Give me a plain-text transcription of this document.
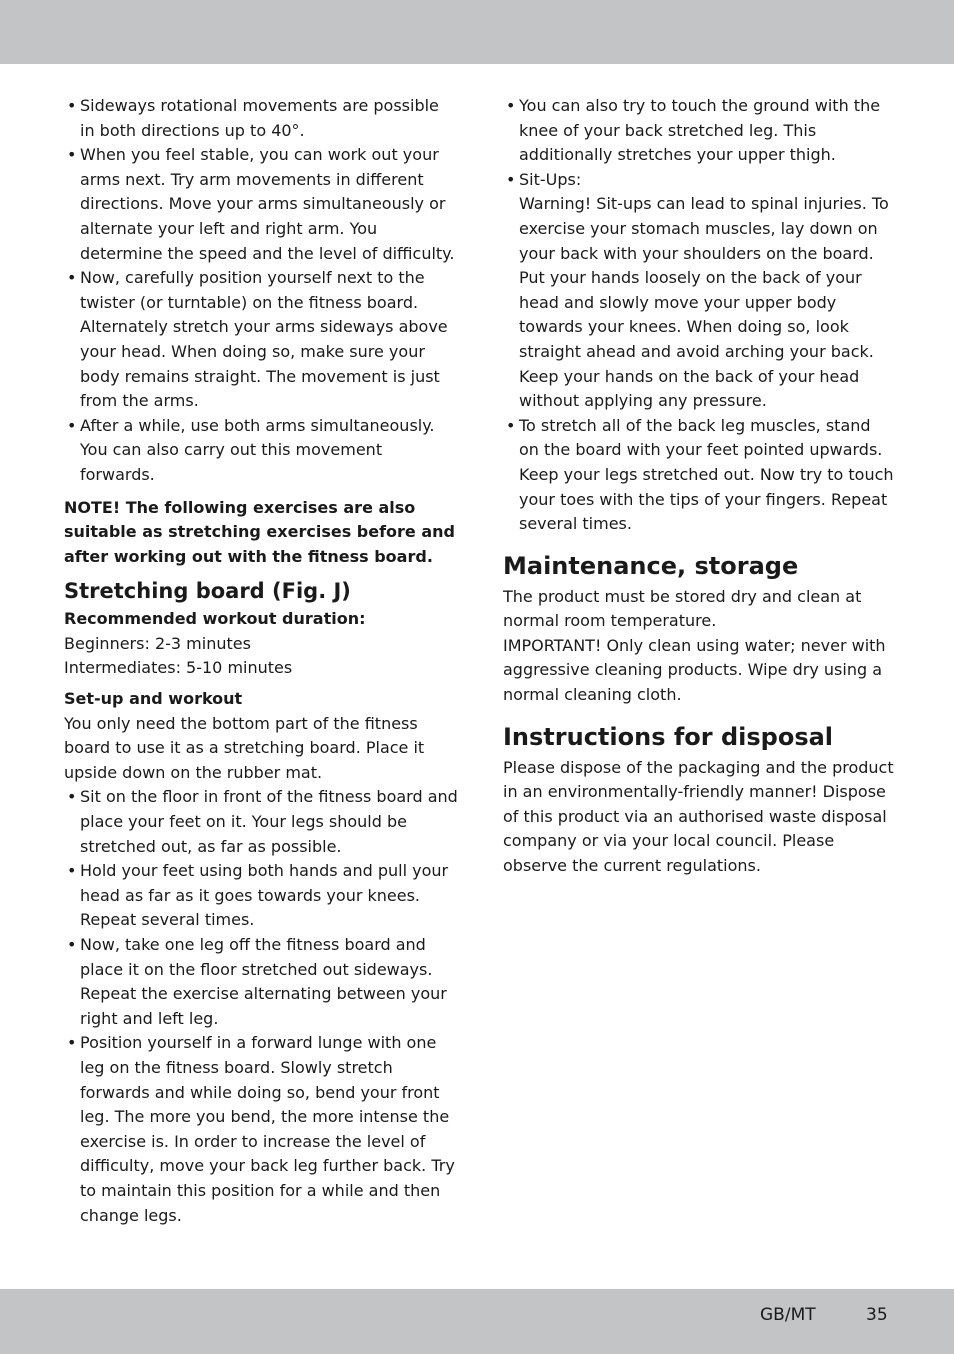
• Sideways rotational movements are possible in both directions up to 40°.

• When you feel stable, you can work out your arms next. Try arm movements in different directions. Move your arms simultaneously or alternate your left and right arm. You determine the speed and the level of difficulty.

• Now, carefully position yourself next to the twister (or turntable) on the fitness board. Alternately stretch your arms sideways above your head. When doing so, make sure your body remains straight. The movement is just from the arms.

• After a while, use both arms simultaneously. You can also carry out this movement forwards.

NOTE! The following exercises are also suitable as stretching exercises before and after working out with the fitness board.

Stretching board (Fig. J)

Recommended workout duration:

Beginners: 2-3 minutes

Intermediates: 5-10 minutes

Set-up and workout

You only need the bottom part of the fitness board to use it as a stretching board. Place it upside down on the rubber mat.

• Sit on the floor in front of the fitness board and place your feet on it. Your legs should be stretched out, as far as possible.

• Hold your feet using both hands and pull your head as far as it goes towards your knees. Repeat several times.

• Now, take one leg off the fitness board and place it on the floor stretched out sideways. Repeat the exercise alternating between your right and left leg.

• Position yourself in a forward lunge with one leg on the fitness board. Slowly stretch forwards and while doing so, bend your front leg. The more you bend, the more intense the exercise is. In order to increase the level of difficulty, move your back leg further back. Try to maintain this position for a while and then change legs.

• You can also try to touch the ground with the knee of your back stretched leg. This additionally stretches your upper thigh.

• Sit-Ups:

Warning! Sit-ups can lead to spinal injuries. To exercise your stomach muscles, lay down on your back with your shoulders on the board. Put your hands loosely on the back of your head and slowly move your upper body towards your knees. When doing so, look straight ahead and avoid arching your back. Keep your hands on the back of your head without applying any pressure.

• To stretch all of the back leg muscles, stand on the board with your feet pointed upwards. Keep your legs stretched out. Now try to touch your toes with the tips of your fingers. Repeat several times.

Maintenance, storage

The product must be stored dry and clean at normal room temperature.

IMPORTANT! Only clean using water; never with aggressive cleaning products. Wipe dry using a normal cleaning cloth.

Instructions for disposal

Please dispose of the packaging and the product in an environmentally-friendly manner! Dispose of this product via an authorised waste disposal company or via your local council. Please observe the current regulations.

GB/MT	35
